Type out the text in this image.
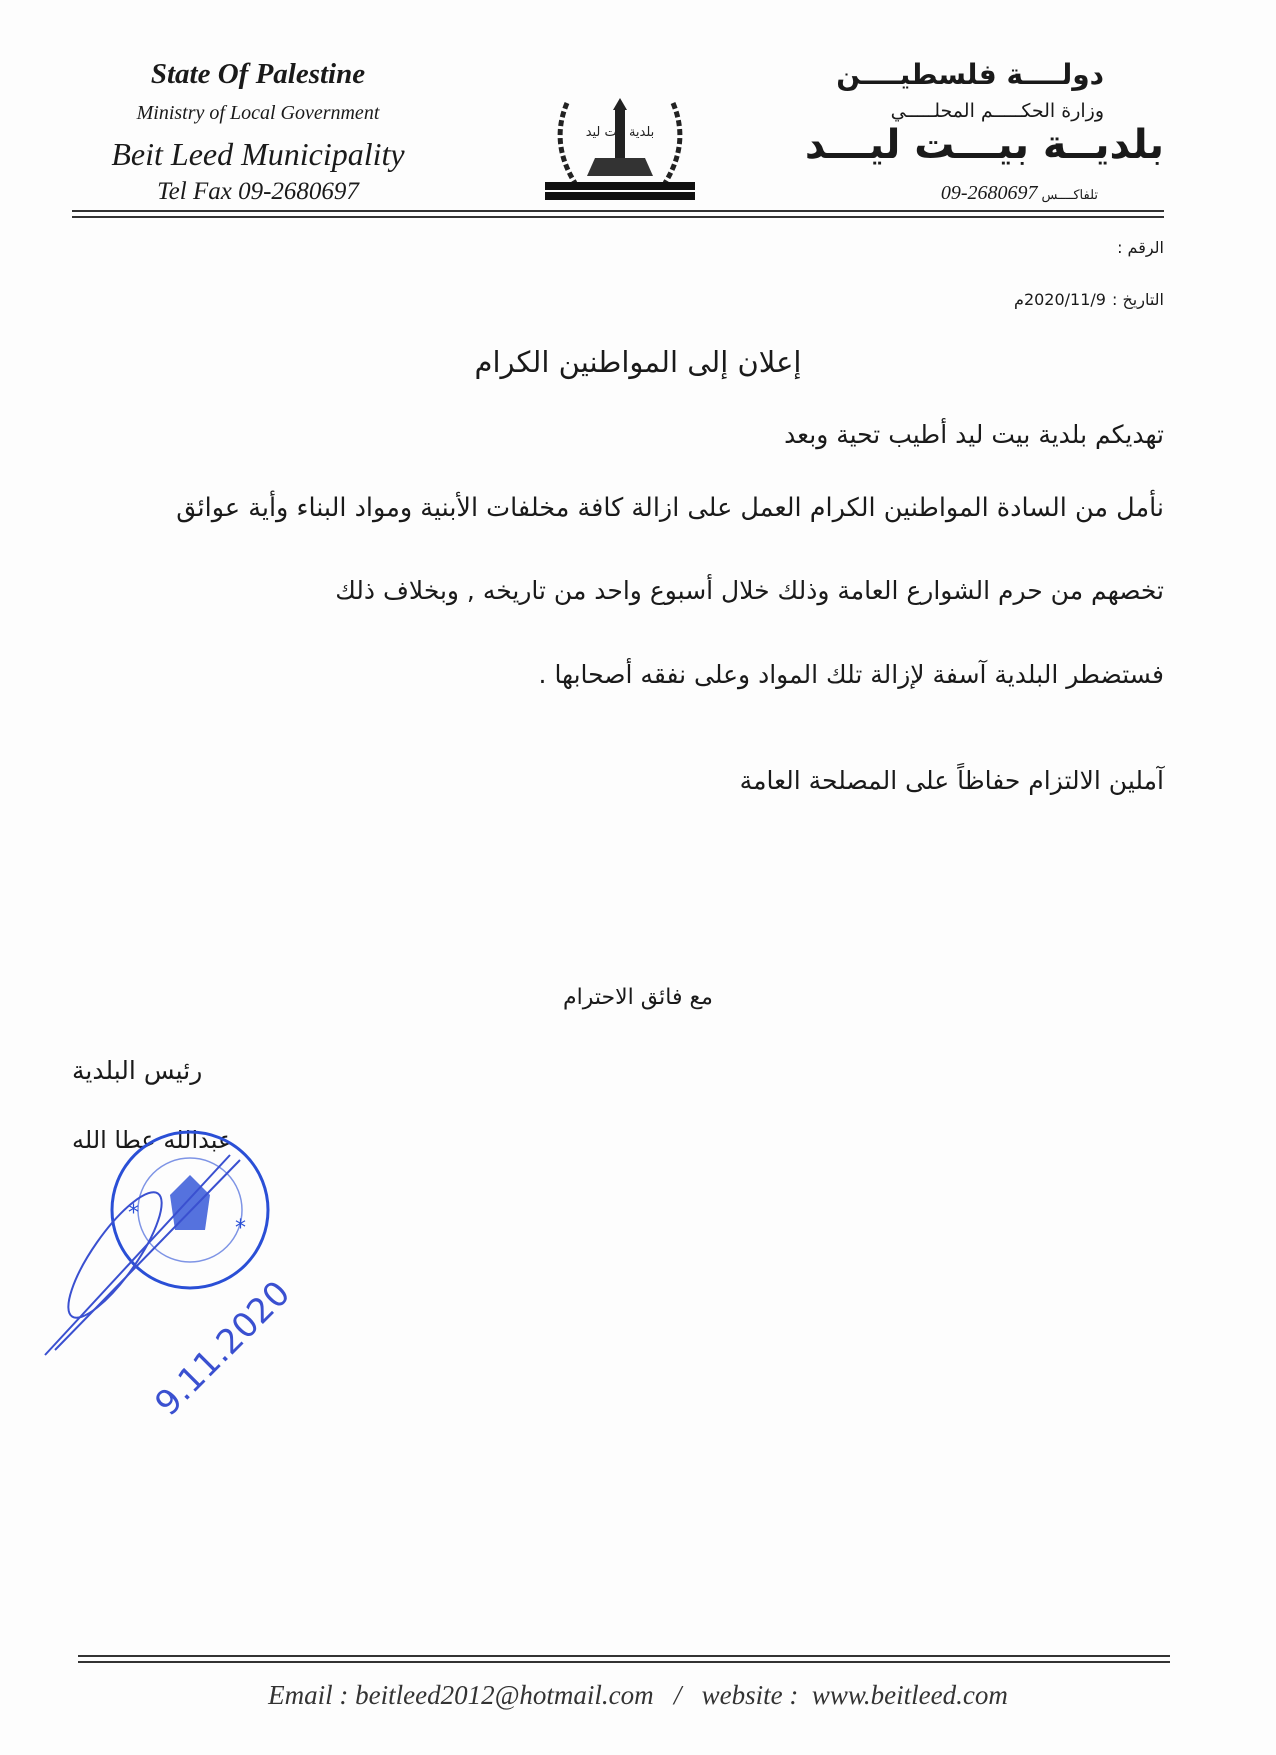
State Of Palestine
Ministry of Local Government
Beit Leed Municipality
Tel Fax 09-2680697
بلدية بيت ليد
دولــــة فلسطيــــن
وزارة الحكـــــم المحلـــــي
بلديــة بيـــت ليـــد
09-2680697 تلفاكــــس
الرقم :
التاريخ :
2020/11/9م
إعلان إلى المواطنين الكرام
تهديكم بلدية بيت ليد أطيب تحية وبعد
نأمل من السادة المواطنين الكرام العمل على ازالة كافة مخلفات الأبنية ومواد البناء وأية عوائق
تخصهم من حرم الشوارع العامة وذلك خلال أسبوع واحد من تاريخه , وبخلاف ذلك
فستضطر البلدية آسفة لإزالة تلك المواد وعلى نفقه أصحابها .
آملين الالتزام حفاظاً على المصلحة العامة
مع فائق الاحترام
رئيس البلدية
عبدالله عطا الله
*
*
9.11.2020
Email : beitleed2012@hotmail.com / website : www.beitleed.com
